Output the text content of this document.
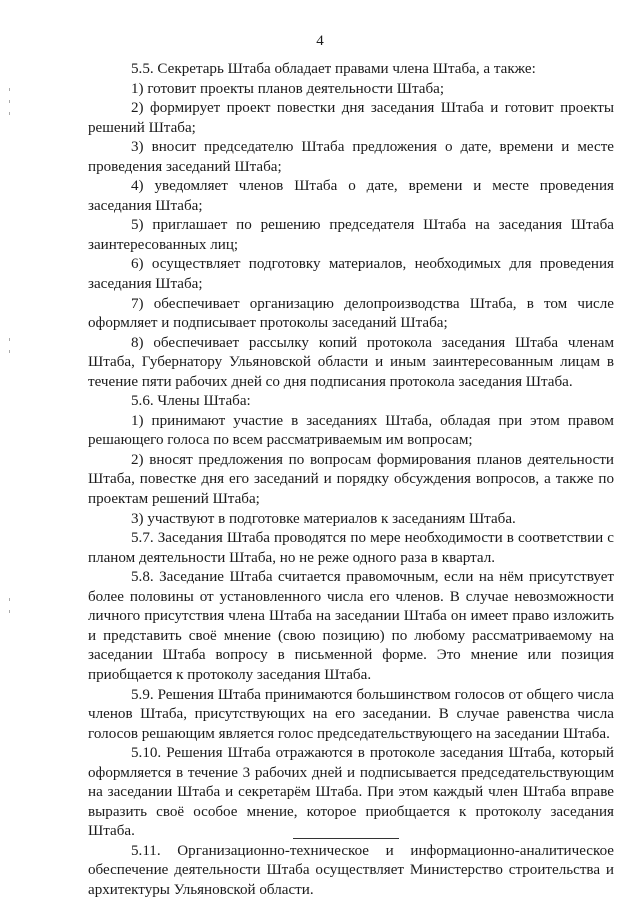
4

5.5. Секретарь Штаба обладает правами члена Штаба, а также:

1) готовит проекты планов деятельности Штаба;

2) формирует проект повестки дня заседания Штаба и готовит проекты решений Штаба;

3) вносит председателю Штаба предложения о дате, времени и месте проведения заседаний Штаба;

4) уведомляет членов Штаба о дате, времени и месте проведения заседания Штаба;

5) приглашает по решению председателя Штаба на заседания Штаба заинтересованных лиц;

6) осуществляет подготовку материалов, необходимых для проведения заседания Штаба;

7) обеспечивает организацию делопроизводства Штаба, в том числе оформляет и подписывает протоколы заседаний Штаба;

8) обеспечивает рассылку копий протокола заседания Штаба членам Штаба, Губернатору Ульяновской области и иным заинтересованным лицам в течение пяти рабочих дней со дня подписания протокола заседания Штаба.

5.6. Члены Штаба:

1) принимают участие в заседаниях Штаба, обладая при этом правом решающего голоса по всем рассматриваемым им вопросам;

2) вносят предложения по вопросам формирования планов деятельности Штаба, повестке дня его заседаний и порядку обсуждения вопросов, а также по проектам решений Штаба;

3) участвуют в подготовке материалов к заседаниям Штаба.

5.7. Заседания Штаба проводятся по мере необходимости в соответствии с планом деятельности Штаба, но не реже одного раза в квартал.

5.8. Заседание Штаба считается правомочным, если на нём присутствует более половины от установленного числа его членов. В случае невозможности личного присутствия члена Штаба на заседании Штаба он имеет право изложить и представить своё мнение (свою позицию) по любому рассматриваемому на заседании Штаба вопросу в письменной форме. Это мнение или позиция приобщается к протоколу заседания Штаба.

5.9. Решения Штаба принимаются большинством голосов от общего числа членов Штаба, присутствующих на его заседании. В случае равенства числа голосов решающим является голос председательствующего на заседании Штаба.

5.10. Решения Штаба отражаются в протоколе заседания Штаба, который оформляется в течение 3 рабочих дней и подписывается председательствующим на заседании Штаба и секретарём Штаба. При этом каждый член Штаба вправе выразить своё особое мнение, которое приобщается к протоколу заседания Штаба.

5.11. Организационно-техническое и информационно-аналитическое обеспечение деятельности Штаба осуществляет Министерство строительства и архитектуры Ульяновской области.
